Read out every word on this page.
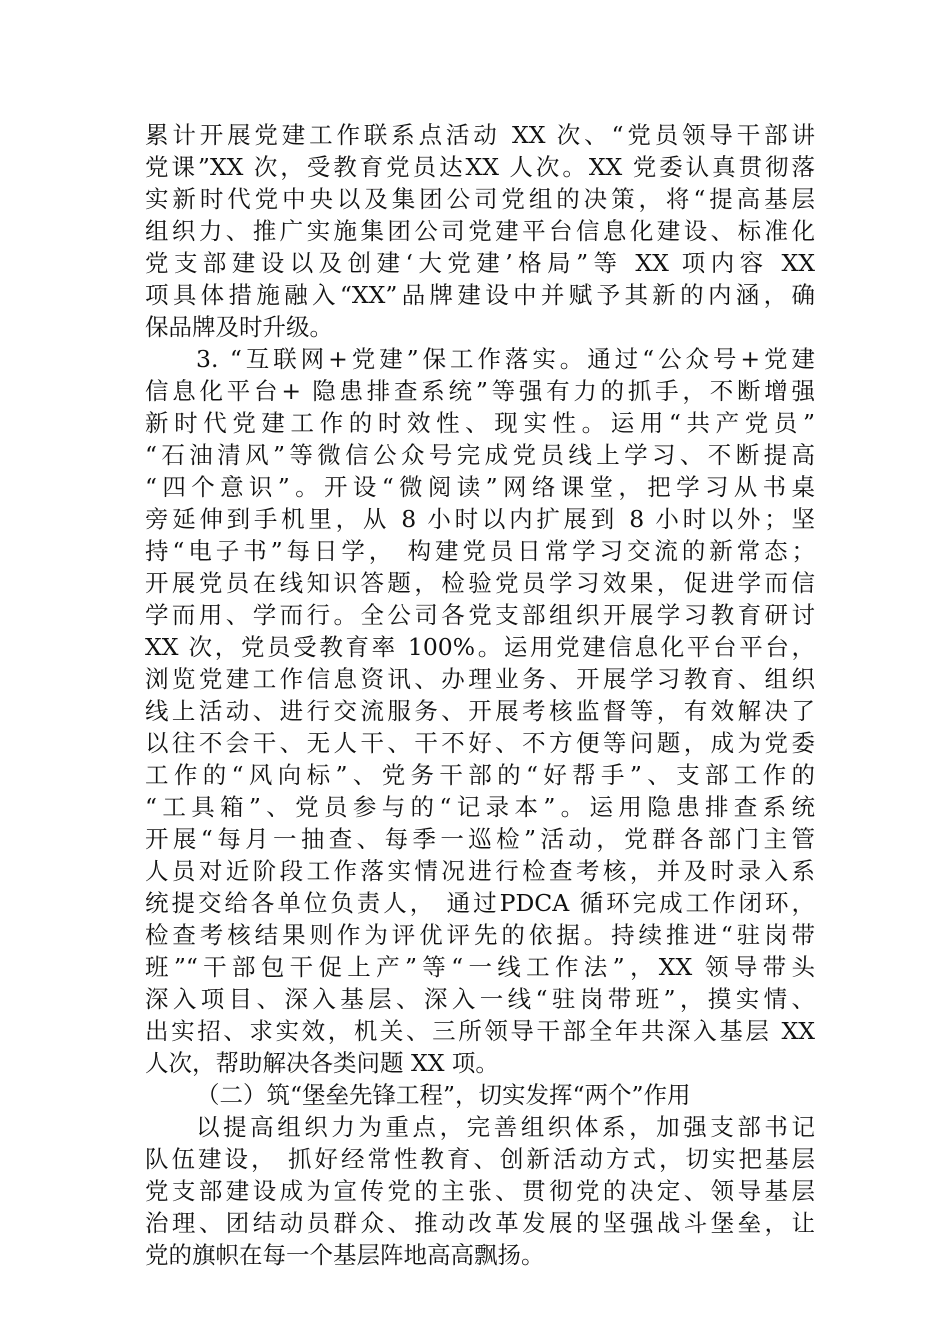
累计开展党建工作联系点活动 XX 次、“党员领导干部讲
党课”XX 次，受教育党员达XX 人次。XX 党委认真贯彻落
实新时代党中央以及集团公司党组的决策，将“提高基层
组织力、推广实施集团公司党建平台信息化建设、标准化
党支部建设以及创建‘大党建’格局”等 XX 项内容 XX
项具体措施融入“XX”品牌建设中并赋予其新的内涵，确
保品牌及时升级。
3. “互联网+党建”保工作落实。通过“公众号+党建
信息化平台+ 隐患排查系统”等强有力的抓手，不断增强
新时代党建工作的时效性、现实性。运用“共产党员”
“石油清风”等微信公众号完成党员线上学习、不断提高
“四个意识”。开设“微阅读”网络课堂，把学习从书桌
旁延伸到手机里，从 8 小时以内扩展到 8 小时以外；坚
持“电子书”每日学， 构建党员日常学习交流的新常态；
开展党员在线知识答题，检验党员学习效果，促进学而信
学而用、学而行。全公司各党支部组织开展学习教育研讨
XX 次，党员受教育率 100%。运用党建信息化平台平台，
浏览党建工作信息资讯、办理业务、开展学习教育、组织
线上活动、进行交流服务、开展考核监督等，有效解决了
以往不会干、无人干、干不好、不方便等问题，成为党委
工作的“风向标”、党务干部的“好帮手”、支部工作的
“工具箱”、党员参与的“记录本”。运用隐患排查系统
开展“每月一抽查、每季一巡检”活动，党群各部门主管
人员对近阶段工作落实情况进行检查考核，并及时录入系
统提交给各单位负责人， 通过PDCA 循环完成工作闭环，
检查考核结果则作为评优评先的依据。持续推进“驻岗带
班”“干部包干促上产”等“一线工作法”，XX 领导带头
深入项目、深入基层、深入一线“驻岗带班”，摸实情、
出实招、求实效，机关、三所领导干部全年共深入基层 XX
人次，帮助解决各类问题 XX 项。
（二）筑“堡垒先锋工程”，切实发挥“两个”作用
以提高组织力为重点，完善组织体系，加强支部书记
队伍建设， 抓好经常性教育、创新活动方式，切实把基层
党支部建设成为宣传党的主张、贯彻党的决定、领导基层
治理、团结动员群众、推动改革发展的坚强战斗堡垒，让
党的旗帜在每一个基层阵地高高飘扬。
